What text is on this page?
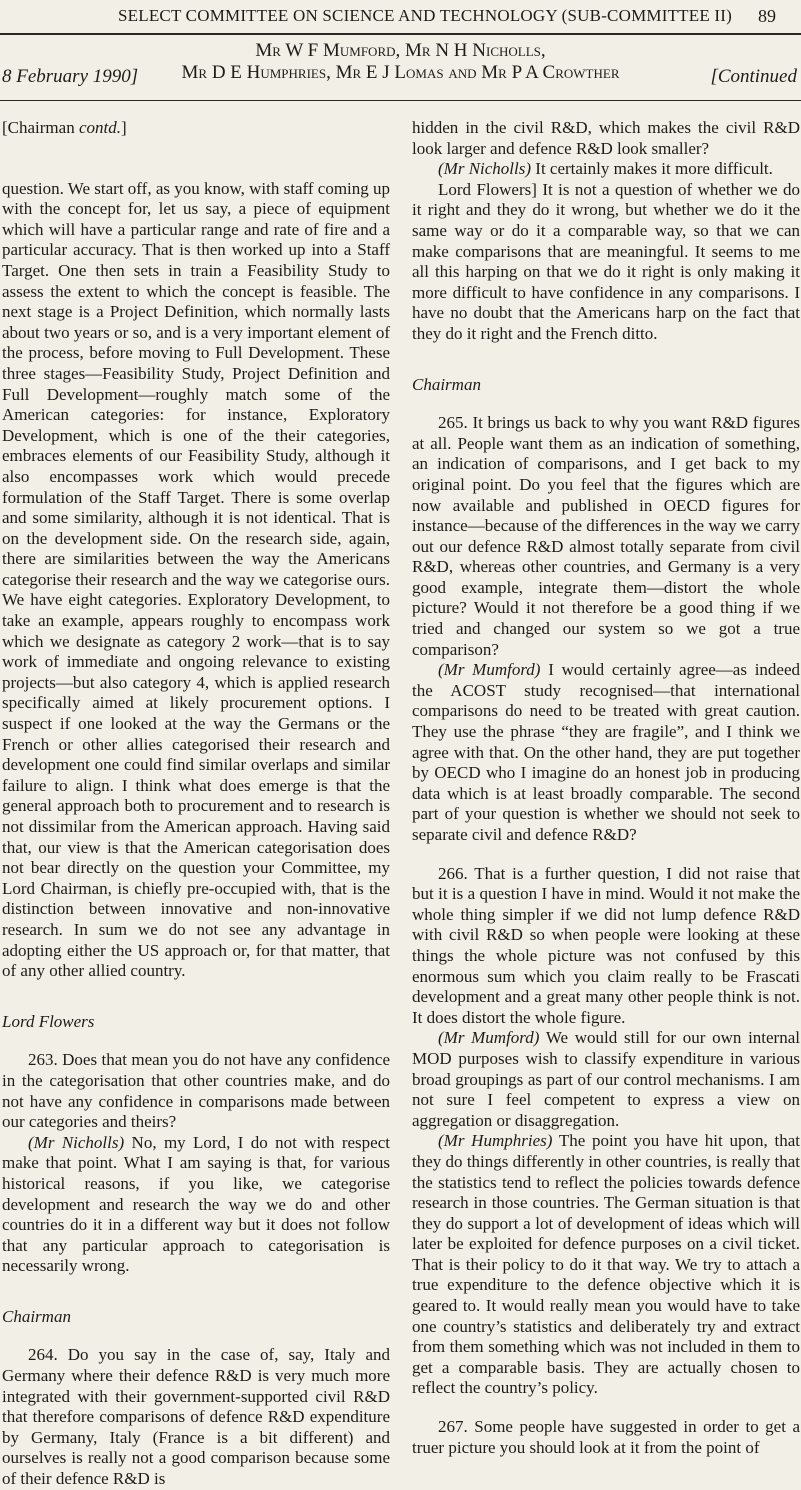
SELECT COMMITTEE ON SCIENCE AND TECHNOLOGY (SUB-COMMITTEE II) 89
Mr W F Mumford, Mr N H Nicholls,
Mr D E Humphries, Mr E J Lomas and Mr P A Crowther
8 February 1990]	[Continued

[Chairman contd.]

question. We start off, as you know, with staff coming up with the concept for, let us say, a piece of equipment which will have a particular range and rate of fire and a particular accuracy. That is then worked up into a Staff Target. One then sets in train a Feasibility Study to assess the extent to which the concept is feasible. The next stage is a Project Definition, which normally lasts about two years or so, and is a very important element of the process, before moving to Full Development. These three stages—Feasibility Study, Project Definition and Full Development—roughly match some of the American categories: for instance, Exploratory Development, which is one of the their categories, embraces elements of our Feasibility Study, although it also encompasses work which would precede formulation of the Staff Target. There is some overlap and some similarity, although it is not identical. That is on the development side. On the research side, again, there are similarities between the way the Americans categorise their research and the way we categorise ours. We have eight categories. Exploratory Development, to take an example, appears roughly to encompass work which we designate as category 2 work—that is to say work of immediate and ongoing relevance to existing projects—but also category 4, which is applied research specifically aimed at likely procurement options. I suspect if one looked at the way the Germans or the French or other allies categorised their research and development one could find similar overlaps and similar failure to align. I think what does emerge is that the general approach both to procurement and to research is not dissimilar from the American approach. Having said that, our view is that the American categorisation does not bear directly on the question your Committee, my Lord Chairman, is chiefly pre-occupied with, that is the distinction between innovative and non-innovative research. In sum we do not see any advantage in adopting either the US approach or, for that matter, that of any other allied country.

Lord Flowers

263. Does that mean you do not have any confidence in the categorisation that other countries make, and do not have any confidence in comparisons made between our categories and theirs?

(Mr Nicholls) No, my Lord, I do not with respect make that point. What I am saying is that, for various historical reasons, if you like, we categorise development and research the way we do and other countries do it in a different way but it does not follow that any particular approach to categorisation is necessarily wrong.

Chairman

264. Do you say in the case of, say, Italy and Germany where their defence R&D is very much more integrated with their government-supported civil R&D that therefore comparisons of defence R&D expenditure by Germany, Italy (France is a bit different) and ourselves is really not a good comparison because some of their defence R&D is

hidden in the civil R&D, which makes the civil R&D look larger and defence R&D look smaller?

(Mr Nicholls) It certainly makes it more difficult.

Lord Flowers] It is not a question of whether we do it right and they do it wrong, but whether we do it the same way or do it a comparable way, so that we can make comparisons that are meaningful. It seems to me all this harping on that we do it right is only making it more difficult to have confidence in any comparisons. I have no doubt that the Americans harp on the fact that they do it right and the French ditto.

Chairman

265. It brings us back to why you want R&D figures at all. People want them as an indication of something, an indication of comparisons, and I get back to my original point. Do you feel that the figures which are now available and published in OECD figures for instance—because of the differences in the way we carry out our defence R&D almost totally separate from civil R&D, whereas other countries, and Germany is a very good example, integrate them—distort the whole picture? Would it not therefore be a good thing if we tried and changed our system so we got a true comparison?

(Mr Mumford) I would certainly agree—as indeed the ACOST study recognised—that international comparisons do need to be treated with great caution. They use the phrase “they are fragile”, and I think we agree with that. On the other hand, they are put together by OECD who I imagine do an honest job in producing data which is at least broadly comparable. The second part of your question is whether we should not seek to separate civil and defence R&D?

266. That is a further question, I did not raise that but it is a question I have in mind. Would it not make the whole thing simpler if we did not lump defence R&D with civil R&D so when people were looking at these things the whole picture was not confused by this enormous sum which you claim really to be Frascati development and a great many other people think is not. It does distort the whole figure.

(Mr Mumford) We would still for our own internal MOD purposes wish to classify expenditure in various broad groupings as part of our control mechanisms. I am not sure I feel competent to express a view on aggregation or disaggregation.

(Mr Humphries) The point you have hit upon, that they do things differently in other countries, is really that the statistics tend to reflect the policies towards defence research in those countries. The German situation is that they do support a lot of development of ideas which will later be exploited for defence purposes on a civil ticket. That is their policy to do it that way. We try to attach a true expenditure to the defence objective which it is geared to. It would really mean you would have to take one country’s statistics and deliberately try and extract from them something which was not included in them to get a comparable basis. They are actually chosen to reflect the country’s policy.

267. Some people have suggested in order to get a truer picture you should look at it from the point of
